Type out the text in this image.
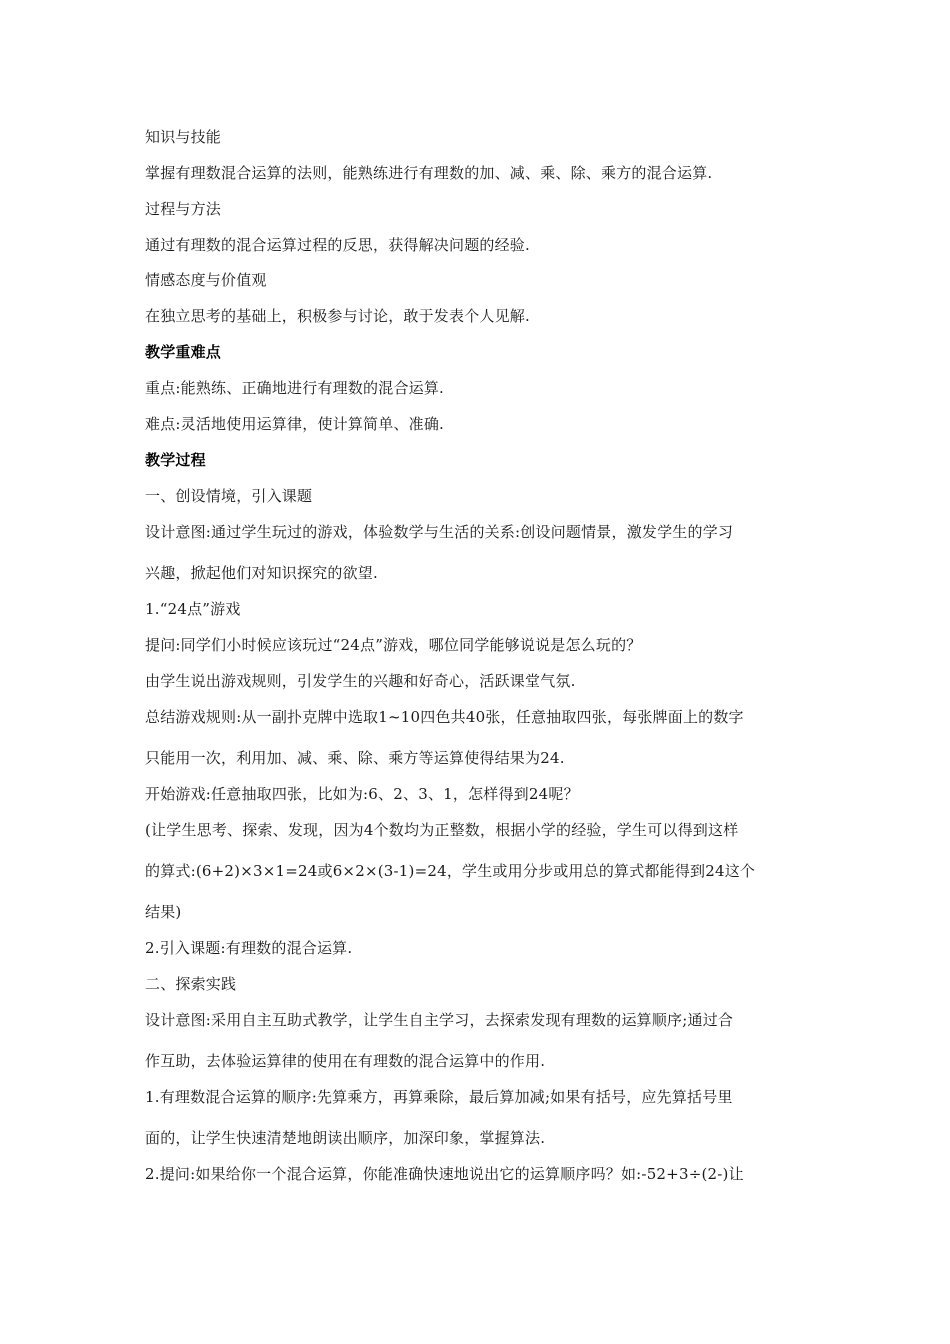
知识与技能
掌握有理数混合运算的法则，能熟练进行有理数的加、减、乘、除、乘方的混合运算.
过程与方法
通过有理数的混合运算过程的反思，获得解决问题的经验.
情感态度与价值观
在独立思考的基础上，积极参与讨论，敢于发表个人见解.
教学重难点
重点:能熟练、正确地进行有理数的混合运算.
难点:灵活地使用运算律，使计算简单、准确.
教学过程
一、创设情境，引入课题
设计意图:通过学生玩过的游戏，体验数学与生活的关系:创设问题情景，激发学生的学习
兴趣，掀起他们对知识探究的欲望.
1.“24点”游戏
提问:同学们小时候应该玩过“24点”游戏，哪位同学能够说说是怎么玩的？
由学生说出游戏规则，引发学生的兴趣和好奇心，活跃课堂气氛.
总结游戏规则:从一副扑克牌中选取1~10四色共40张，任意抽取四张，每张牌面上的数字
只能用一次，利用加、减、乘、除、乘方等运算使得结果为24.
开始游戏:任意抽取四张，比如为:6、2、3、1，怎样得到24呢？
(让学生思考、探索、发现，因为4个数均为正整数，根据小学的经验，学生可以得到这样
的算式:(6+2)×3×1=24或6×2×(3-1)=24，学生或用分步或用总的算式都能得到24这个
结果)
2.引入课题:有理数的混合运算.
二、探索实践
设计意图:采用自主互助式教学，让学生自主学习，去探索发现有理数的运算顺序;通过合
作互助，去体验运算律的使用在有理数的混合运算中的作用.
1.有理数混合运算的顺序:先算乘方，再算乘除，最后算加减;如果有括号，应先算括号里
面的，让学生快速清楚地朗读出顺序，加深印象，掌握算法.
2.提问:如果给你一个混合运算，你能准确快速地说出它的运算顺序吗？如:-52+3÷(2-)让
